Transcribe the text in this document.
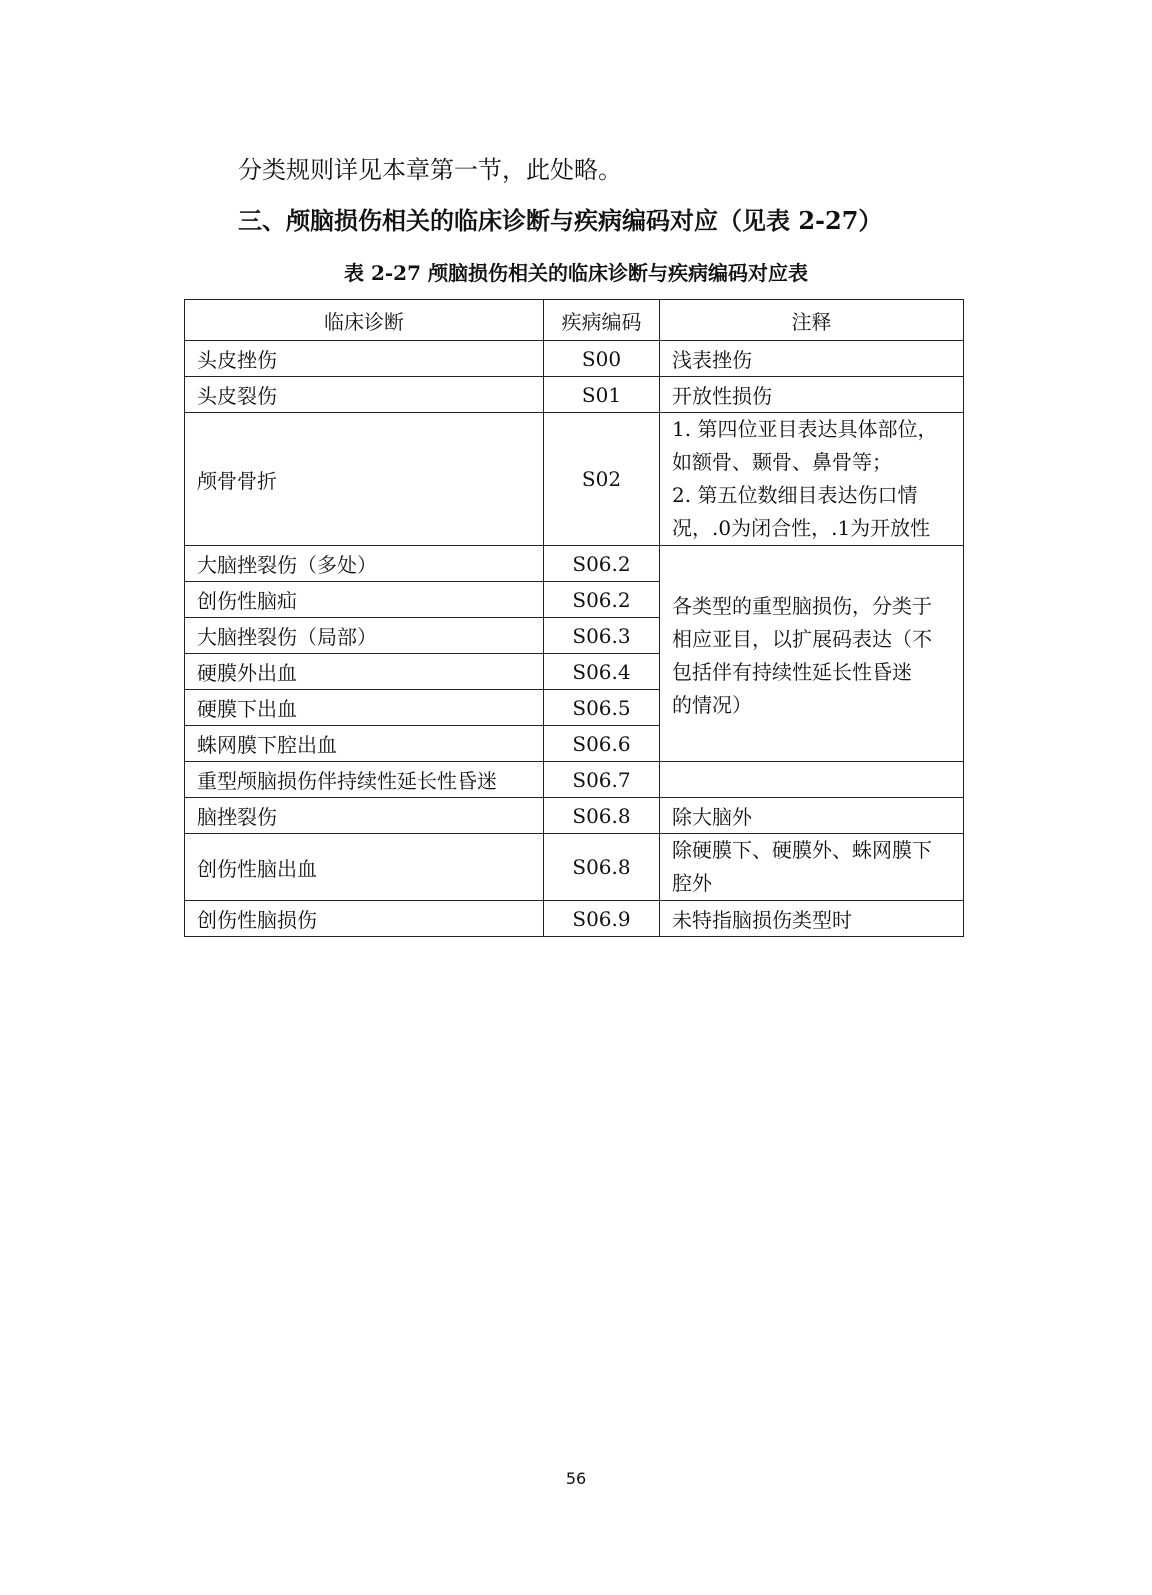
分类规则详见本章第一节，此处略。

三、颅脑损伤相关的临床诊断与疾病编码对应（见表 2-27）

表 2-27 颅脑损伤相关的临床诊断与疾病编码对应表

临床诊断	疾病编码	注释
头皮挫伤	S00	浅表挫伤
头皮裂伤	S01	开放性损伤
颅骨骨折	S02	1. 第四位亚目表达具体部位，
如额骨、颞骨、鼻骨等；
2. 第五位数细目表达伤口情
况，.0为闭合性，.1为开放性

大脑挫裂伤（多处）	S06.2	各类型的重型脑损伤，分类于
相应亚目，以扩展码表达（不
包括伴有持续性延长性昏迷
的情况）

创伤性脑疝	S06.2	
大脑挫裂伤（局部）	S06.3	
硬膜外出血	S06.4	
硬膜下出血	S06.5	
蛛网膜下腔出血	S06.6	
重型颅脑损伤伴持续性延长性昏迷	S06.7	
脑挫裂伤	S06.8	除大脑外
创伤性脑出血	S06.8	除硬膜下、硬膜外、蛛网膜下
腔外

创伤性脑损伤	S06.9	未特指脑损伤类型时

56
